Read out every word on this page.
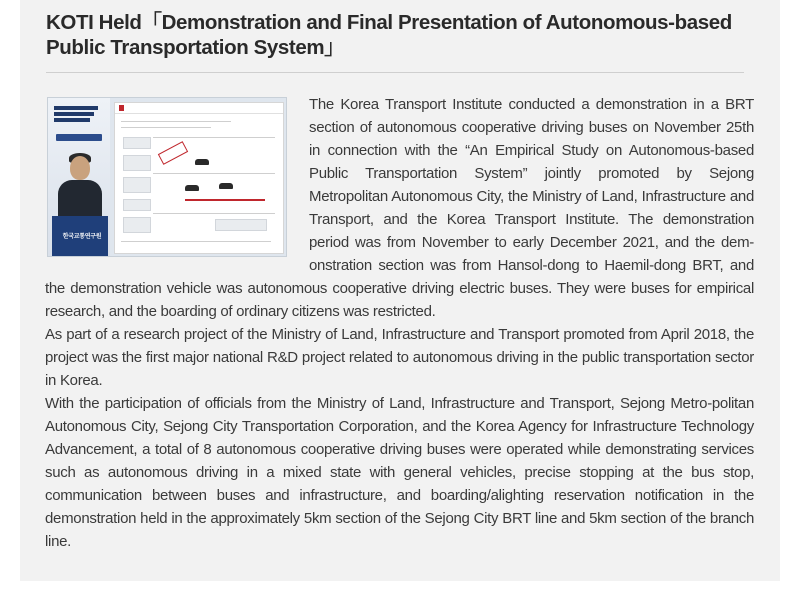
KOTI Held「Demonstration and Final Presentation of Autonomous-based Public Transportation System」
한국교통연구원

The Korea Transport Institute conducted a demonstration in a BRT section of autonomous cooperative driving buses on November 25th in connection with the “An Empirical Study on Autonomous-based Public Transportation System” jointly promoted by Sejong Metropolitan Autonomous City, the Ministry of Land, Infrastructure and Transport, and the Korea Transport Institute. The demonstration period was from November to early December 2021, and the dem-onstration section was from Hansol-dong to Haemil-dong BRT, and the demonstration vehicle was autonomous cooperative driving electric buses. They were buses for empirical research, and the boarding of ordinary citizens was restricted.

As part of a research project of the Ministry of Land, Infrastructure and Transport promoted from April 2018, the project was the first major national R&D project related to autonomous driving in the public transportation sector in Korea.

With the participation of officials from the Ministry of Land, Infrastructure and Transport, Sejong Metro-politan Autonomous City, Sejong City Transportation Corporation, and the Korea Agency for Infrastructure Technology Advancement, a total of 8 autonomous cooperative driving buses were operated while demonstrating services such as autonomous driving in a mixed state with general vehicles, precise stopping at the bus stop, communication between buses and infrastructure, and boarding/alighting reservation notification in the demonstration held in the approximately 5km section of the Sejong City BRT line and 5km section of the branch line.
